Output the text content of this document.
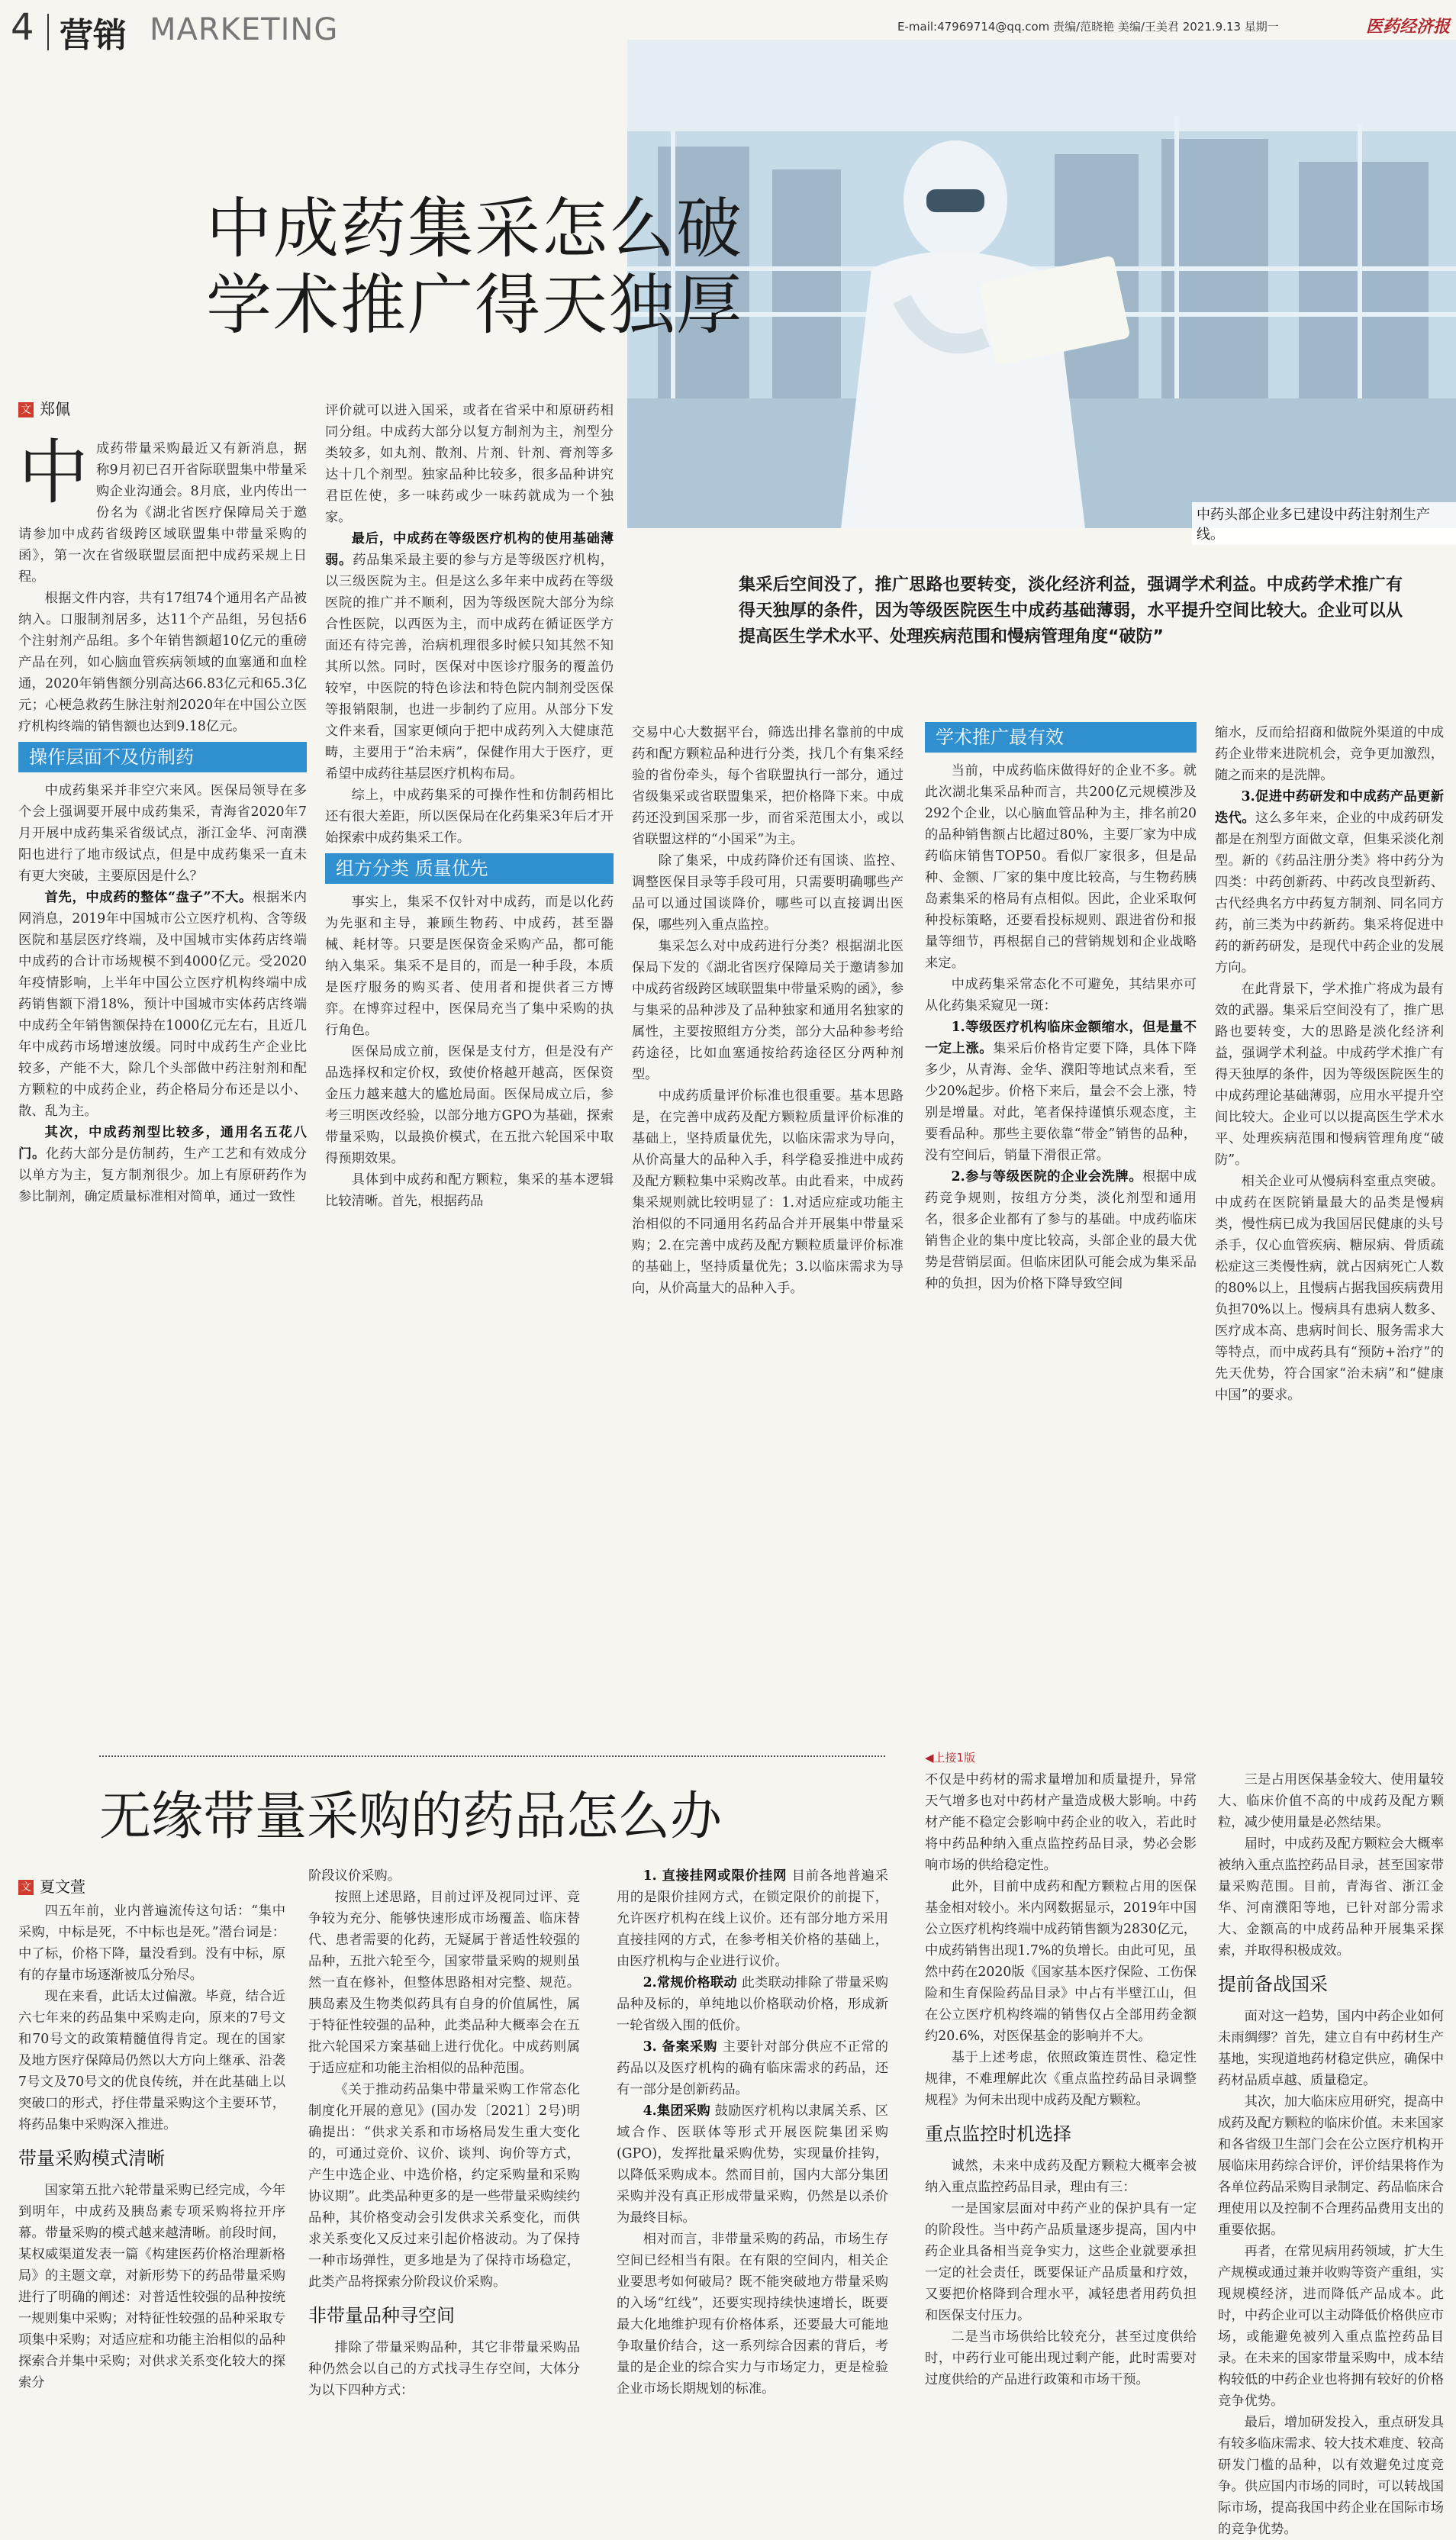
4 营销 MARKETING	E-mail:47969714@qq.com 责编/范晓艳 美编/王美君 2021.9.13 星期一	医药经济报
中药头部企业多已建设中药注射剂生产线。
中成药集采怎么破
学术推广得天独厚
文 郑佩
集采后空间没了，推广思路也要转变，淡化经济利益，强调学术利益。中成药学术推广有得天独厚的条件，因为等级医院医生中成药基础薄弱，水平提升空间比较大。企业可以从提高医生学术水平、处理疾病范围和慢病管理角度“破防”
中 成药带量采购最近又有新消息，据称9月初已召开省际联盟集中带量采购企业沟通会。8月底，业内传出一份名为《湖北省医疗保障局关于邀请参加中成药省级跨区域联盟集中带量采购的函》，第一次在省级联盟层面把中成药采规上日程。

根据文件内容，共有17组74个通用名产品被纳入。口服制剂居多，达11个产品组，另包括6个注射剂产品组。多个年销售额超10亿元的重磅产品在列，如心脑血管疾病领域的血塞通和血栓通，2020年销售额分别高达66.83亿元和65.3亿元；心梗急救药生脉注射剂2020年在中国公立医疗机构终端的销售额也达到9.18亿元。

操作层面不及仿制药

中成药集采并非空穴来风。医保局领导在多个会上强调要开展中成药集采，青海省2020年7月开展中成药集采省级试点，浙江金华、河南濮阳也进行了地市级试点，但是中成药集采一直未有更大突破，主要原因是什么？

首先，中成药的整体“盘子”不大。根据米内网消息，2019年中国城市公立医疗机构、含等级医院和基层医疗终端，及中国城市实体药店终端中成药的合计市场规模不到4000亿元。受2020年疫情影响，上半年中国公立医疗机构终端中成药销售额下滑18%，预计中国城市实体药店终端中成药全年销售额保持在1000亿元左右，且近几年中成药市场增速放缓。同时中成药生产企业比较多，产能不大，除几个头部做中药注射剂和配方颗粒的中成药企业，药企格局分布还是以小、散、乱为主。

其次，中成药剂型比较多，通用名五花八门。化药大部分是仿制药，生产工艺和有效成分以单方为主，复方制剂很少。加上有原研药作为参比制剂，确定质量标准相对简单，通过一致性

评价就可以进入国采，或者在省采中和原研药相同分组。中成药大部分以复方制剂为主，剂型分类较多，如丸剂、散剂、片剂、针剂、膏剂等多达十几个剂型。独家品种比较多，很多品种讲究君臣佐使，多一味药或少一味药就成为一个独家。

最后，中成药在等级医疗机构的使用基础薄弱。药品集采最主要的参与方是等级医疗机构，以三级医院为主。但是这么多年来中成药在等级医院的推广并不顺利，因为等级医院大部分为综合性医院，以西医为主，而中成药在循证医学方面还有待完善，治病机理很多时候只知其然不知其所以然。同时，医保对中医诊疗服务的覆盖仍较窄，中医院的特色诊法和特色院内制剂受医保等报销限制，也进一步制约了应用。从部分下发文件来看，国家更倾向于把中成药列入大健康范畴，主要用于“治未病”，保健作用大于医疗，更希望中成药往基层医疗机构布局。

综上，中成药集采的可操作性和仿制药相比还有很大差距，所以医保局在化药集采3年后才开始探索中成药集采工作。

组方分类 质量优先

事实上，集采不仅针对中成药，而是以化药为先驱和主导，兼顾生物药、中成药，甚至器械、耗材等。只要是医保资金采购产品，都可能纳入集采。集采不是目的，而是一种手段，本质是医疗服务的购买者、使用者和提供者三方博弈。在博弈过程中，医保局充当了集中采购的执行角色。

医保局成立前，医保是支付方，但是没有产品选择权和定价权，致使价格越开越高，医保资金压力越来越大的尴尬局面。医保局成立后，参考三明医改经验，以部分地方GPO为基础，探索带量采购，以最换价模式，在五批六轮国采中取得预期效果。

具体到中成药和配方颗粒，集采的基本逻辑比较清晰。首先，根据药品

交易中心大数据平台，筛选出排名靠前的中成药和配方颗粒品种进行分类，找几个有集采经验的省份牵头，每个省联盟执行一部分，通过省级集采或省联盟集采，把价格降下来。中成药还没到国采那一步，而省采范围太小，或以省联盟这样的“小国采”为主。

除了集采，中成药降价还有国谈、监控、调整医保目录等手段可用，只需要明确哪些产品可以通过国谈降价，哪些可以直接调出医保，哪些列入重点监控。

集采怎么对中成药进行分类？根据湖北医保局下发的《湖北省医疗保障局关于邀请参加中成药省级跨区域联盟集中带量采购的函》，参与集采的品种涉及了品种独家和通用名独家的属性，主要按照组方分类，部分大品种参考给药途径，比如血塞通按给药途径区分两种剂型。

中成药质量评价标准也很重要。基本思路是，在完善中成药及配方颗粒质量评价标准的基础上，坚持质量优先，以临床需求为导向，从价高量大的品种入手，科学稳妥推进中成药及配方颗粒集中采购改革。由此看来，中成药集采规则就比较明显了：1.对适应症或功能主治相似的不同通用名药品合并开展集中带量采购；2.在完善中成药及配方颗粒质量评价标准的基础上，坚持质量优先；3.以临床需求为导向，从价高量大的品种入手。

学术推广最有效

当前，中成药临床做得好的企业不多。就此次湖北集采品种而言，共200亿元规模涉及292个企业，以心脑血管品种为主，排名前20的品种销售额占比超过80%，主要厂家为中成药临床销售TOP50。看似厂家很多，但是品种、金额、厂家的集中度比较高，与生物药胰岛素集采的格局有点相似。因此，企业采取何种投标策略，还要看投标规则、跟进省份和报量等细节，再根据自己的营销规划和企业战略来定。

中成药集采常态化不可避免，其结果亦可从化药集采窥见一斑：

1.等级医疗机构临床金额缩水，但是量不一定上涨。集采后价格肯定要下降，具体下降多少，从青海、金华、濮阳等地试点来看，至少20%起步。价格下来后，量会不会上涨，特别是增量。对此，笔者保持谨慎乐观态度，主要看品种。那些主要依靠“带金”销售的品种，没有空间后，销量下滑很正常。

2.参与等级医院的企业会洗牌。根据中成药竞争规则，按组方分类，淡化剂型和通用名，很多企业都有了参与的基础。中成药临床销售企业的集中度比较高，头部企业的最大优势是营销层面。但临床团队可能会成为集采品种的负担，因为价格下降导致空间

缩水，反而给招商和做院外渠道的中成药企业带来进院机会，竞争更加激烈，随之而来的是洗牌。

3.促进中药研发和中成药产品更新迭代。这么多年来，企业的中成药研发都是在剂型方面做文章，但集采淡化剂型。新的《药品注册分类》将中药分为四类：中药创新药、中药改良型新药、古代经典名方中药复方制剂、同名同方药，前三类为中药新药。集采将促进中药的新药研发，是现代中药企业的发展方向。

在此背景下，学术推广将成为最有效的武器。集采后空间没有了，推广思路也要转变，大的思路是淡化经济利益，强调学术利益。中成药学术推广有得天独厚的条件，因为等级医院医生的中成药理论基础薄弱，应用水平提升空间比较大。企业可以以提高医生学术水平、处理疾病范围和慢病管理角度“破防”。

相关企业可从慢病科室重点突破。中成药在医院销量最大的品类是慢病类，慢性病已成为我国居民健康的头号杀手，仅心血管疾病、糖尿病、骨质疏松症这三类慢性病，就占因病死亡人数的80%以上，且慢病占据我国疾病费用负担70%以上。慢病具有患病人数多、医疗成本高、患病时间长、服务需求大等特点，而中成药具有“预防+治疗”的先天优势，符合国家“治未病”和“健康中国”的要求。

◀上接1版
无缘带量采购的药品怎么办
文 夏文萱

四五年前，业内普遍流传这句话：“集中采购，中标是死，不中标也是死。”潜台词是：中了标，价格下降，量没看到。没有中标，原有的存量市场逐渐被瓜分殆尽。

现在来看，此话太过偏激。毕竟，结合近六七年来的药品集中采购走向，原来的7号文和70号文的政策精髓值得肯定。现在的国家及地方医疗保障局仍然以大方向上继承、沿袭7号文及70号文的优良传统，并在此基础上以突破口的形式，抒住带量采购这个主要环节，将药品集中采购深入推进。

带量采购模式清晰

国家第五批六轮带量采购已经完成，今年到明年，中成药及胰岛素专项采购将拉开序幕。带量采购的模式越来越清晰。前段时间，某权威渠道发表一篇《构建医药价格治理新格局》的主题文章，对新形势下的药品带量采购进行了明确的阐述：对普适性较强的品种按统一规则集中采购；对特征性较强的品种采取专项集中采购；对适应症和功能主治相似的品种探索合并集中采购；对供求关系变化较大的探索分

阶段议价采购。

按照上述思路，目前过评及视同过评、竞争较为充分、能够快速形成市场覆盖、临床替代、患者需要的化药，无疑属于普适性较强的品种，五批六轮至今，国家带量采购的规则虽然一直在修补，但整体思路相对完整、规范。胰岛素及生物类似药具有自身的价值属性，属于特征性较强的品种，此类品种大概率会在五批六轮国采方案基础上进行优化。中成药则属于适应症和功能主治相似的品种范围。

《关于推动药品集中带量采购工作常态化制度化开展的意见》(国办发〔2021〕2号)明确提出：“供求关系和市场格局发生重大变化的，可通过竞价、议价、谈判、询价等方式，产生中选企业、中选价格，约定采购量和采购协议期”。此类品种更多的是一些带量采购续约品种，其价格变动会引发供求关系变化，而供求关系变化又反过来引起价格波动。为了保持一种市场弹性，更多地是为了保持市场稳定，此类产品将探索分阶段议价采购。

非带量品种寻空间

排除了带量采购品种，其它非带量采购品种仍然会以自己的方式找寻生存空间，大体分为以下四种方式：

1. 直接挂网或限价挂网 目前各地普遍采用的是限价挂网方式，在锁定限价的前提下，允许医疗机构在线上议价。还有部分地方采用直接挂网的方式，在参考相关价格的基础上，由医疗机构与企业进行议价。

2.常规价格联动 此类联动排除了带量采购品种及标的，单纯地以价格联动价格，形成新一轮省级入围的低价。

3. 备案采购 主要针对部分供应不正常的药品以及医疗机构的确有临床需求的药品，还有一部分是创新药品。

4.集团采购 鼓励医疗机构以隶属关系、区域合作、医联体等形式开展医院集团采购(GPO)，发挥批量采购优势，实现量价挂钩，以降低采购成本。然而目前，国内大部分集团采购并没有真正形成带量采购，仍然是以杀价为最终目标。

相对而言，非带量采购的药品，市场生存空间已经相当有限。在有限的空间内，相关企业要思考如何破局？既不能突破地方带量采购的入场“红线”，还要实现持续快速增长，既要最大化地维护现有价格体系，还要最大可能地争取量价结合，这一系列综合因素的背后，考量的是企业的综合实力与市场定力，更是检验企业市场长期规划的标准。

不仅是中药材的需求量增加和质量提升，异常天气增多也对中药材产量造成极大影响。中药材产能不稳定会影响中药企业的收入，若此时将中药品种纳入重点监控药品目录，势必会影响市场的供给稳定性。

此外，目前中成药和配方颗粒占用的医保基金相对较小。米内网数据显示，2019年中国公立医疗机构终端中成药销售额为2830亿元，中成药销售出现1.7%的负增长。由此可见，虽然中药在2020版《国家基本医疗保险、工伤保险和生育保险药品目录》中占有半壁江山，但在公立医疗机构终端的销售仅占全部用药金额约20.6%，对医保基金的影响并不大。

基于上述考虑，依照政策连贯性、稳定性规律，不难理解此次《重点监控药品目录调整规程》为何未出现中成药及配方颗粒。

重点监控时机选择

诚然，未来中成药及配方颗粒大概率会被纳入重点监控药品目录，理由有三：

一是国家层面对中药产业的保护具有一定的阶段性。当中药产品质量逐步提高，国内中药企业具备相当竞争实力，这些企业就要承担一定的社会责任，既要保证产品质量和疗效，又要把价格降到合理水平，减轻患者用药负担和医保支付压力。

二是当市场供给比较充分，甚至过度供给时，中药行业可能出现过剩产能，此时需要对过度供给的产品进行政策和市场干预。

三是占用医保基金较大、使用量较大、临床价值不高的中成药及配方颗粒，减少使用量是必然结果。

届时，中成药及配方颗粒会大概率被纳入重点监控药品目录，甚至国家带量采购范围。目前，青海省、浙江金华、河南濮阳等地，已针对部分需求大、金额高的中成药品种开展集采探索，并取得积极成效。

提前备战国采

面对这一趋势，国内中药企业如何未雨绸缪？首先，建立自有中药材生产基地，实现道地药材稳定供应，确保中药材品质卓越、质量稳定。

其次，加大临床应用研究，提高中成药及配方颗粒的临床价值。未来国家和各省级卫生部门会在公立医疗机构开展临床用药综合评价，评价结果将作为各单位药品采购目录制定、药品临床合理使用以及控制不合理药品费用支出的重要依据。

再者，在常见病用药领域，扩大生产规模或通过兼并收购等资产重组，实现规模经济，进而降低产品成本。此时，中药企业可以主动降低价格供应市场，或能避免被列入重点监控药品目录。在未来的国家带量采购中，成本结构较低的中药企业也将拥有较好的价格竞争优势。

最后，增加研发投入，重点研发具有较多临床需求、较大技术难度、较高研发门槛的品种，以有效避免过度竞争。供应国内市场的同时，可以转战国际市场，提高我国中药企业在国际市场的竞争优势。
